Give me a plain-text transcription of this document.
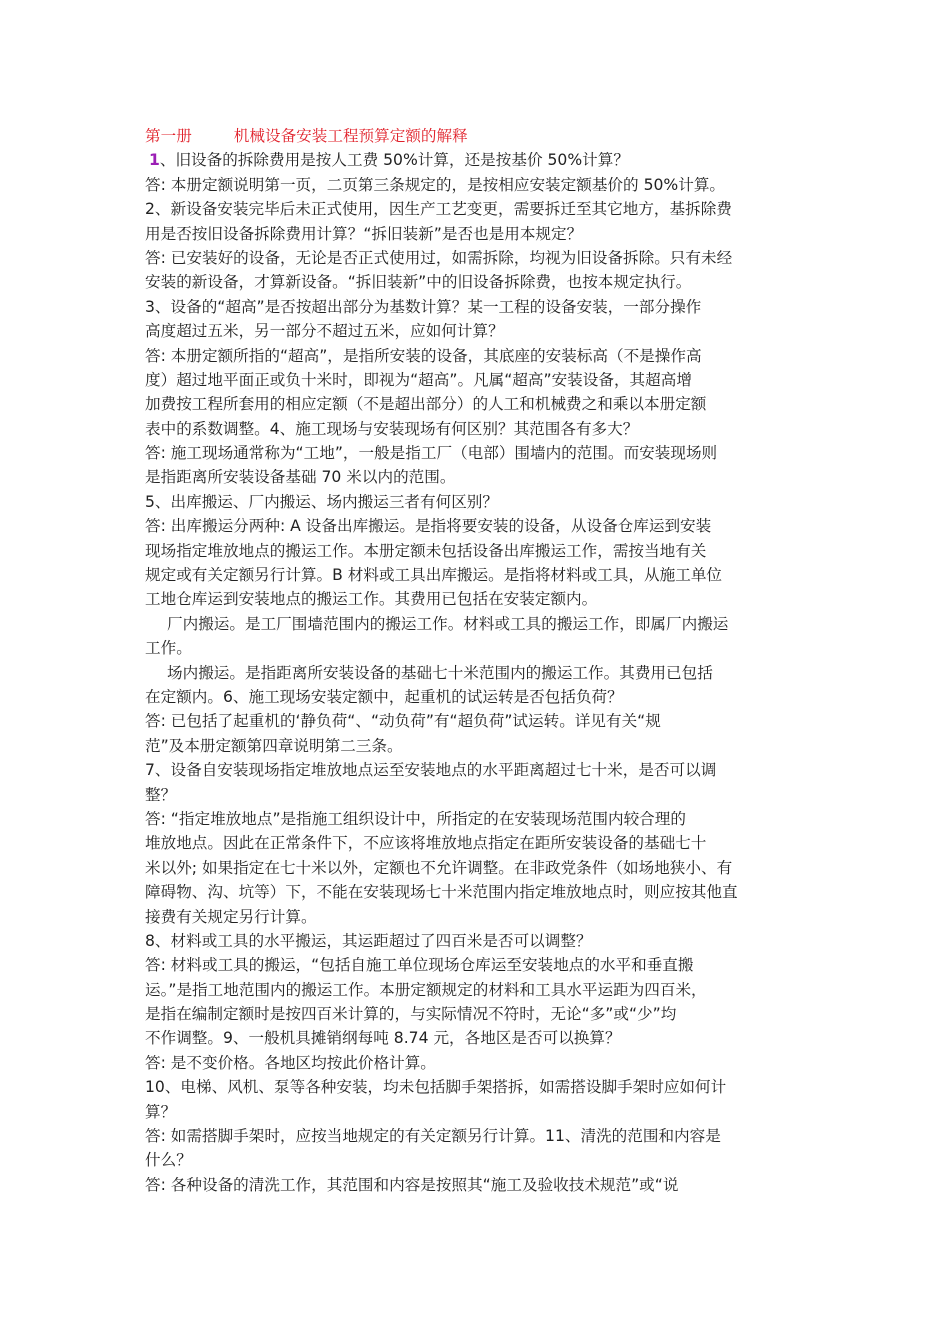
第一册	机械设备安装工程预算定额的解释
1、旧设备的拆除费用是按人工费 50%计算，还是按基价 50%计算？
答: 本册定额说明第一页，二页第三条规定的，是按相应安装定额基价的 50%计算。
2、新设备安装完毕后未正式使用，因生产工艺变更，需要拆迁至其它地方，基拆除费
用是否按旧设备拆除费用计算？“拆旧装新”是否也是用本规定？
答: 已安装好的设备，无论是否正式使用过，如需拆除，均视为旧设备拆除。只有未经
安装的新设备，才算新设备。“拆旧装新”中的旧设备拆除费，也按本规定执行。
3、设备的“超高”是否按超出部分为基数计算？某一工程的设备安装，一部分操作
高度超过五米，另一部分不超过五米，应如何计算？
答: 本册定额所指的“超高”，是指所安装的设备，其底座的安装标高（不是操作高
度）超过地平面正或负十米时，即视为“超高”。凡属“超高”安装设备，其超高增
加费按工程所套用的相应定额（不是超出部分）的人工和机械费之和乘以本册定额
表中的系数调整。4、施工现场与安装现场有何区别？其范围各有多大？
答: 施工现场通常称为“工地”，一般是指工厂（电部）围墙内的范围。而安装现场则
是指距离所安装设备基础 70 米以内的范围。
5、出库搬运、厂内搬运、场内搬运三者有何区别？
答: 出库搬运分两种: A 设备出库搬运。是指将要安装的设备，从设备仓库运到安装
现场指定堆放地点的搬运工作。本册定额未包括设备出库搬运工作，需按当地有关
规定或有关定额另行计算。B 材料或工具出库搬运。是指将材料或工具，从施工单位
工地仓库运到安装地点的搬运工作。其费用已包括在安装定额内。
厂内搬运。是工厂围墙范围内的搬运工作。材料或工具的搬运工作，即属厂内搬运
工作。
场内搬运。是指距离所安装设备的基础七十米范围内的搬运工作。其费用已包括
在定额内。6、施工现场安装定额中，起重机的试运转是否包括负荷？
答: 已包括了起重机的‘静负荷“、“动负荷”有“超负荷”试运转。详见有关“规
范”及本册定额第四章说明第二三条。
7、设备自安装现场指定堆放地点运至安装地点的水平距离超过七十米，是否可以调
整？
答: “指定堆放地点”是指施工组织设计中，所指定的在安装现场范围内较合理的
堆放地点。因此在正常条件下，不应该将堆放地点指定在距所安装设备的基础七十
米以外; 如果指定在七十米以外，定额也不允许调整。在非政党条件（如场地狭小、有
障碍物、沟、坑等）下，不能在安装现场七十米范围内指定堆放地点时，则应按其他直
接费有关规定另行计算。
8、材料或工具的水平搬运，其运距超过了四百米是否可以调整？
答: 材料或工具的搬运，“包括自施工单位现场仓库运至安装地点的水平和垂直搬
运。”是指工地范围内的搬运工作。本册定额规定的材料和工具水平运距为四百米，
是指在编制定额时是按四百米计算的，与实际情况不符时，无论“多”或“少”均
不作调整。9、一般机具摊销纲每吨 8.74 元，各地区是否可以换算？
答: 是不变价格。各地区均按此价格计算。
10、电梯、风机、泵等各种安装，均未包括脚手架搭拆，如需搭设脚手架时应如何计
算？
答: 如需搭脚手架时，应按当地规定的有关定额另行计算。11、清洗的范围和内容是
什么？
答: 各种设备的清洗工作，其范围和内容是按照其“施工及验收技术规范”或“说
